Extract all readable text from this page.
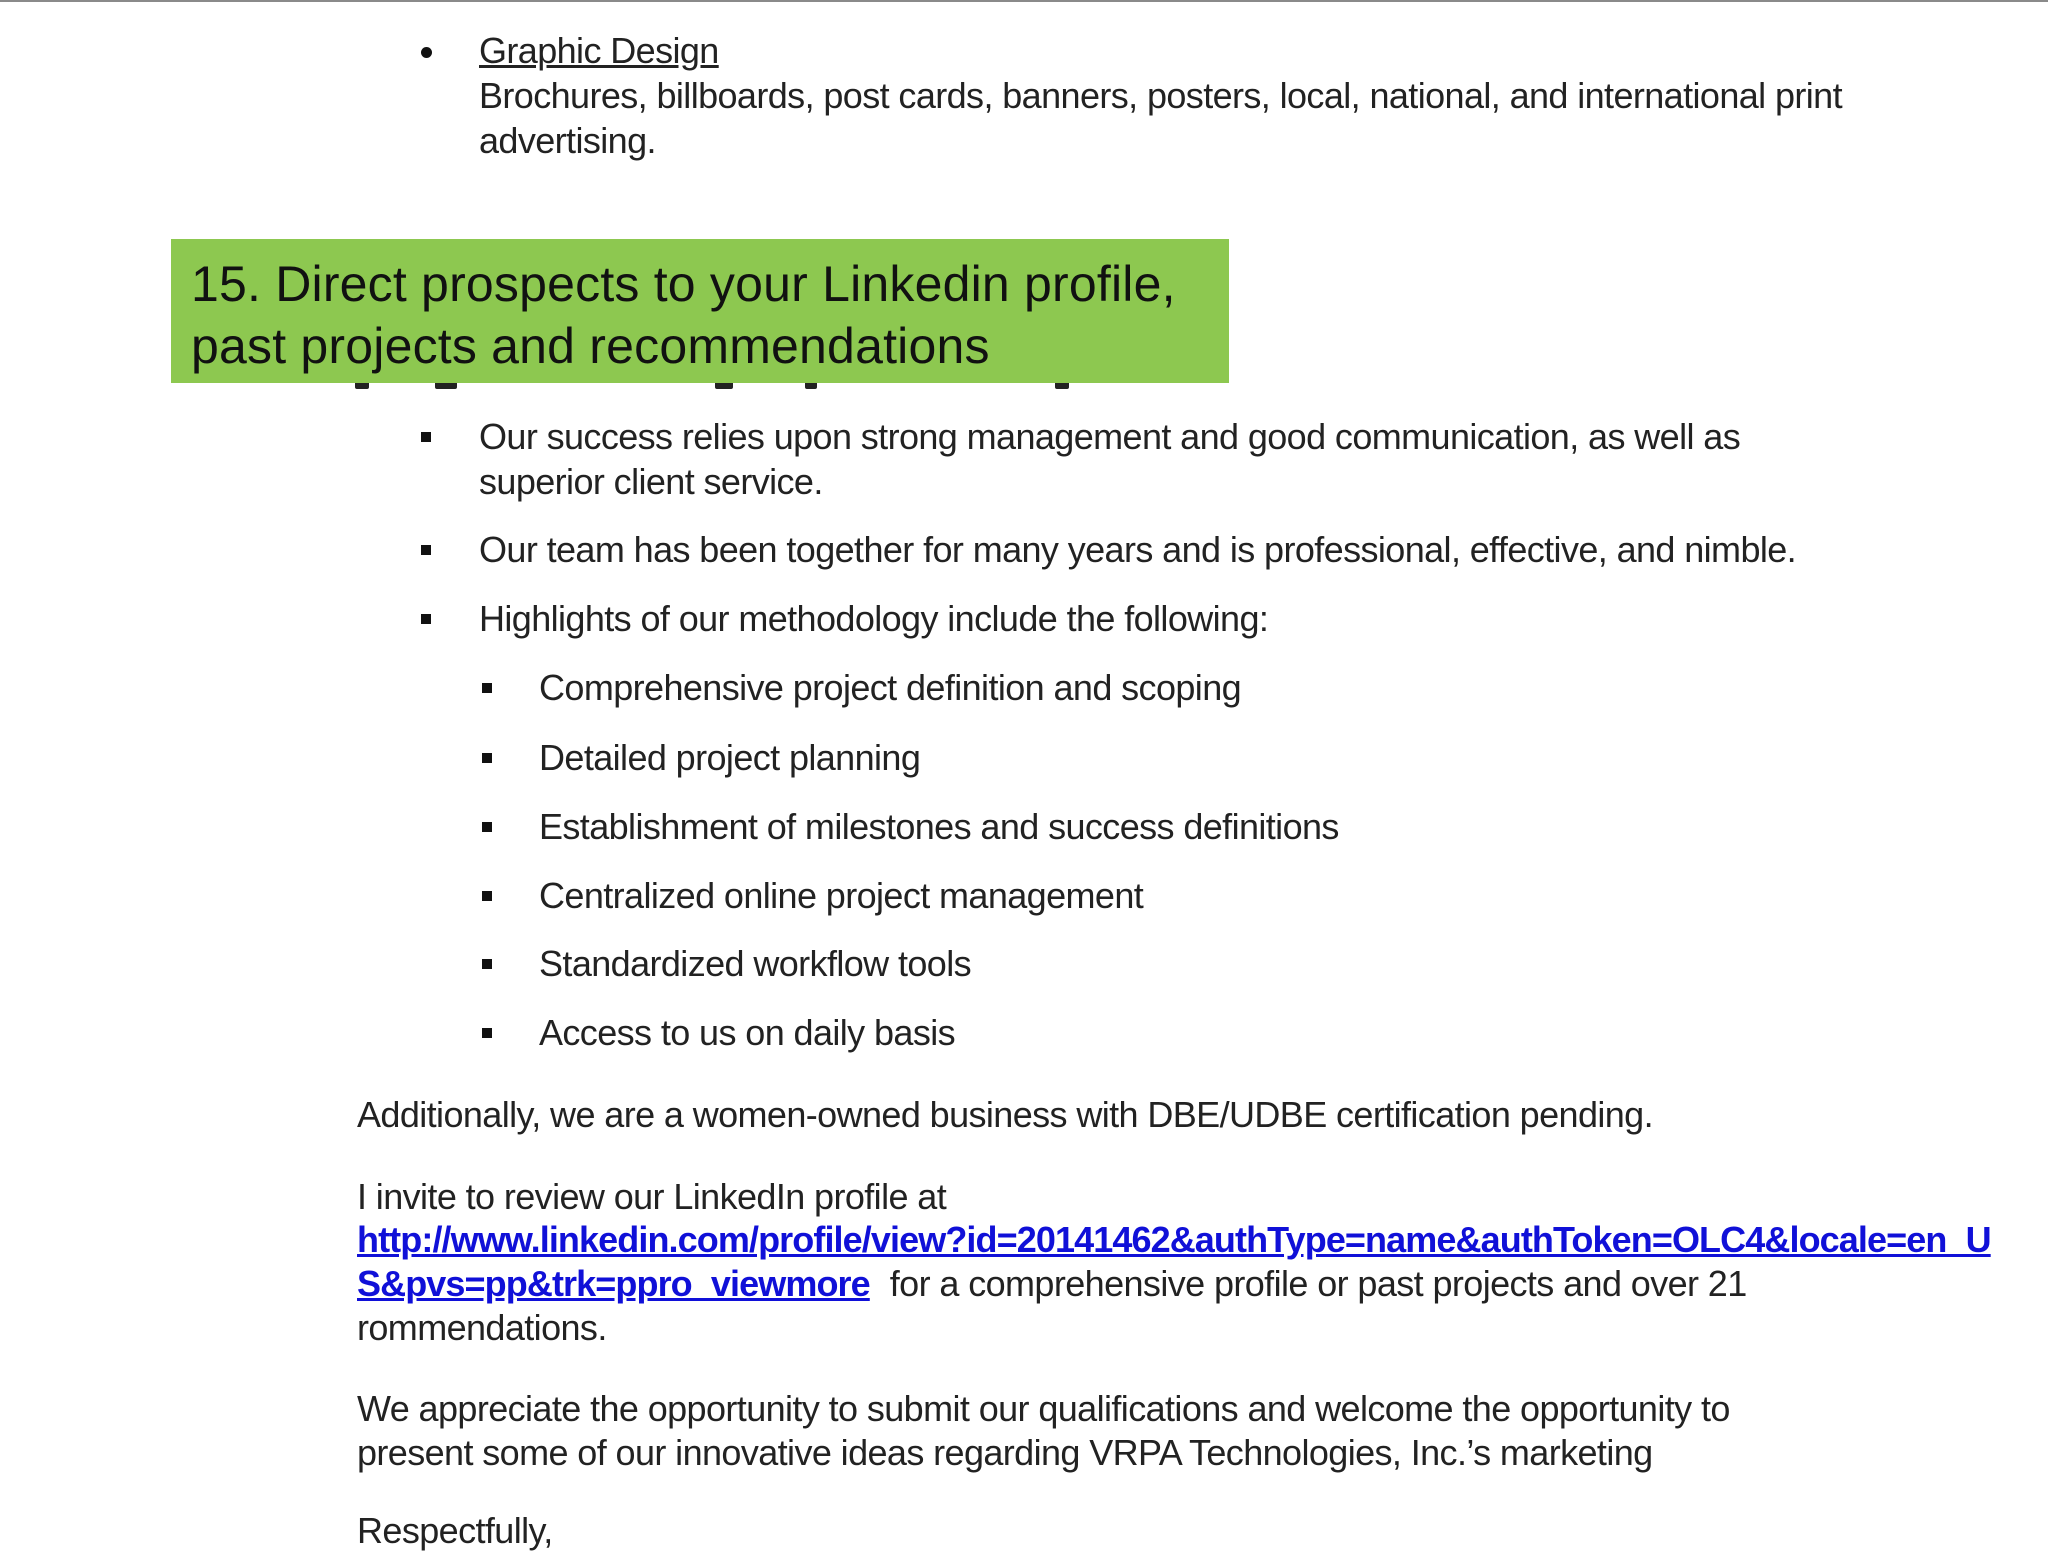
Graphic Design
Brochures, billboards, post cards, banners, posters, local, national, and international print
advertising.
15. Direct prospects to your Linkedin profile,
past projects and recommendations
Our success relies upon strong management and good communication, as well as
superior client service.
Our team has been together for many years and is professional, effective, and nimble.
Highlights of our methodology include the following:
Comprehensive project definition and scoping
Detailed project planning
Establishment of milestones and success definitions
Centralized online project management
Standardized workflow tools
Access to us on daily basis
Additionally, we are a women-owned business with DBE/UDBE certification pending.
I invite to review our LinkedIn profile at
http://www.linkedin.com/profile/view?id=20141462&authType=name&authToken=OLC4&locale=en_U
S&pvs=pp&trk=ppro_viewmore for a comprehensive profile or past projects and over 21
rommendations.
We appreciate the opportunity to submit our qualifications and welcome the opportunity to
present some of our innovative ideas regarding VRPA Technologies, Inc.’s marketing
Respectfully,
